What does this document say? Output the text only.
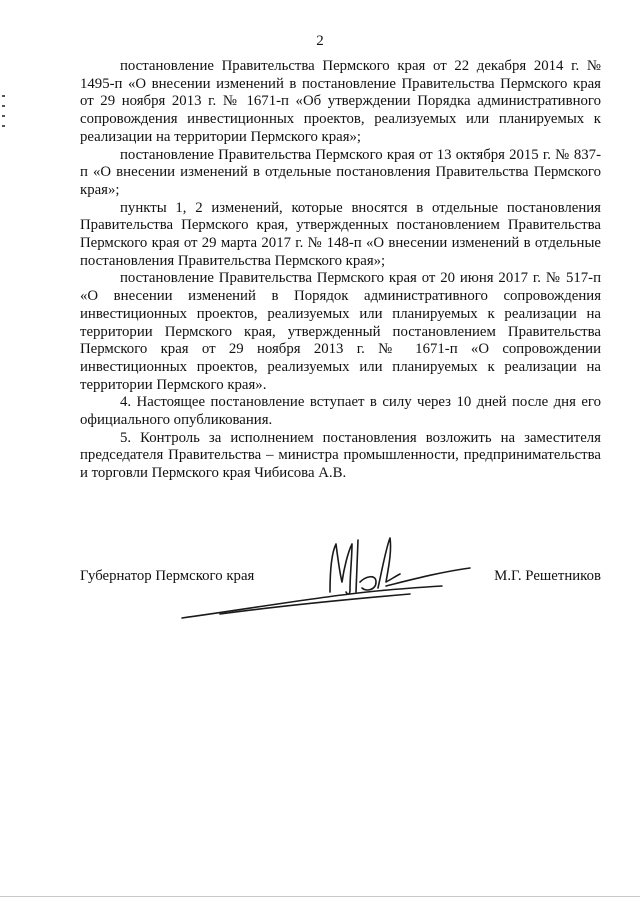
2

постановление Правительства Пермского края от 22 декабря 2014 г. № 1495-п «О внесении изменений в постановление Правительства Пермского края от 29 ноября 2013 г. № 1671-п «Об утверждении Порядка административного сопровождения инвестиционных проектов, реализуемых или планируемых к реализации на территории Пермского края»;

постановление Правительства Пермского края от 13 октября 2015 г. № 837-п «О внесении изменений в отдельные постановления Правительства Пермского края»;

пункты 1, 2 изменений, которые вносятся в отдельные постановления Правительства Пермского края, утвержденных постановлением Правительства Пермского края от 29 марта 2017 г. № 148-п «О внесении изменений в отдельные постановления Правительства Пермского края»;

постановление Правительства Пермского края от 20 июня 2017 г. № 517-п «О внесении изменений в Порядок административного сопровождения инвестиционных проектов, реализуемых или планируемых к реализации на территории Пермского края, утвержденный постановлением Правительства Пермского края от 29 ноября 2013 г. № 1671-п «О сопровождении инвестиционных проектов, реализуемых или планируемых к реализации на территории Пермского края».

4. Настоящее постановление вступает в силу через 10 дней после дня его официального опубликования.

5. Контроль за исполнением постановления возложить на заместителя председателя Правительства – министра промышленности, предпринимательства и торговли Пермского края Чибисова А.В.

Губернатор Пермского края	М.Г. Решетников
